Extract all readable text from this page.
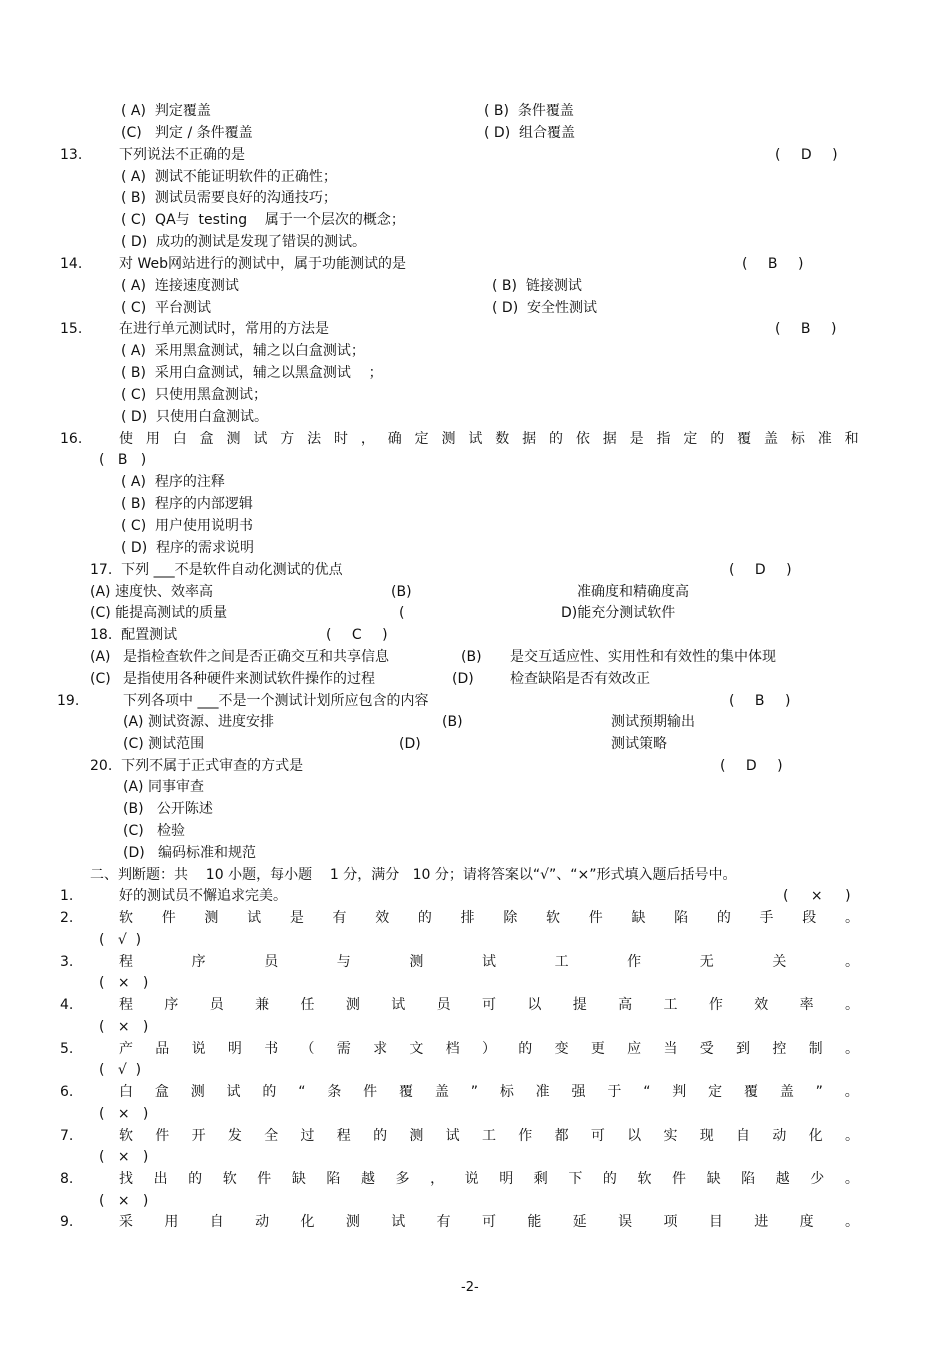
( A)  判定覆盖	( B)  条件覆盖
(C)   判定 / 条件覆盖	( D)  组合覆盖
13.	下列说法不正确的是	( D )
( A)  测试不能证明软件的正确性；
( B)  测试员需要良好的沟通技巧；
( C)  QA与  testing    属于一个层次的概念；
( D)  成功的测试是发现了错误的测试。
14.	对 Web网站进行的测试中，属于功能测试的是	( B )
( A)  连接速度测试	( B)  链接测试
( C)  平台测试	( D)  安全性测试
15.	在进行单元测试时，常用的方法是	( B )
( A)  采用黑盒测试，辅之以白盒测试；
( B)  采用白盒测试，辅之以黑盒测试    ；
( C)  只使用黑盒测试；
( D)  只使用白盒测试。
16.	使 用 白 盒 测 试 方 法 时 ， 确 定 测 试 数 据 的 依 据 是 指 定 的 覆 盖 标 准 和
(   B   )
( A)  程序的注释
( B)  程序的内部逻辑
( C)  用户使用说明书
( D)  程序的需求说明
17.  下列 ___不是软件自动化测试的优点	( D )
(A) 速度快、效率高	(B)	准确度和精确度高
(C) 能提高测试的质量	(	D)能充分测试软件
18.  配置测试	( C )
(A) 是指检查软件之间是否正确交互和共享信息	(B) 是交互适应性、实用性和有效性的集中体现
(C) 是指使用各种硬件来测试软件操作的过程	(D)	检查缺陷是否有效改正
19.	下列各项中 ___不是一个测试计划所应包含的内容	( B )
(A) 测试资源、进度安排	(B)	测试预期输出
(C) 测试范围	(D)	测试策略
20.  下列不属于正式审查的方式是	( D )
(A) 同事审查
(B)   公开陈述
(C)   检验
(D)   编码标准和规范
二、判断题：共    10 小题，每小题    1 分，满分   10 分；请将答案以“√”、“×”形式填入题后括号中。
1.	好的测试员不懈追求完美。	( × )
2.	软 件 测 试 是 有 效 的 排 除 软 件 缺 陷 的 手 段 。
(   √  )
3.	程	序	员	与	测	试	工	作	无	关	。
(   ×   )
4.	程 序 员 兼 任 测 试 员 可 以 提 高 工 作 效 率 。
(   ×   )
5.	产 品 说 明 书 （ 需 求 文 档 ） 的 变 更 应 当 受 到 控 制 。
(   √  )
6.	白 盒 测 试 的 “ 条 件 覆 盖 ” 标 准 强 于 “ 判 定 覆 盖 ” 。
(   ×   )
7.	软 件 开 发 全 过 程 的 测 试 工 作 都 可 以 实 现 自 动 化 。
(   ×   )
8.	找 出 的 软 件 缺 陷 越 多 ， 说 明 剩 下 的 软 件 缺 陷 越 少 。
(   ×   )
9.	采 用 自 动 化 测 试 有 可 能 延 误 项 目 进 度 。
-2-
